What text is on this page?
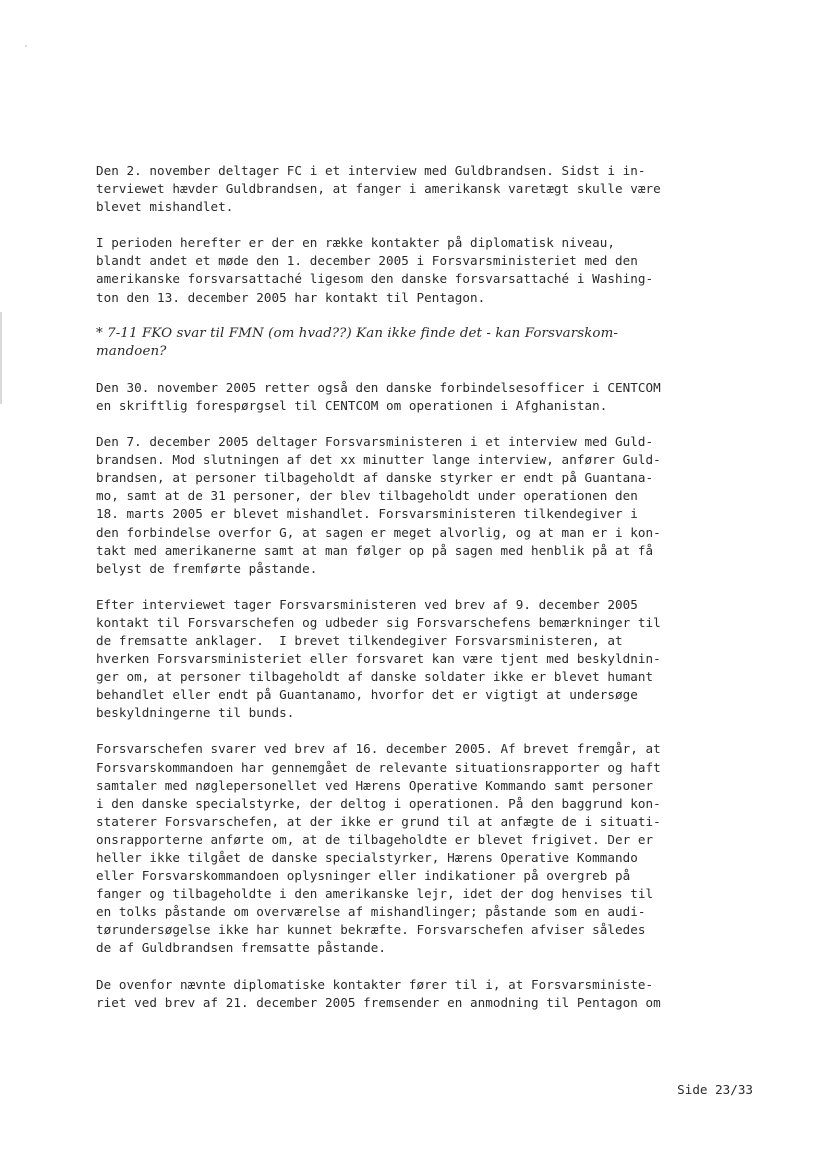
Den 2. november deltager FC i et interview med Guldbrandsen. Sidst i in-
terviewet hævder Guldbrandsen, at fanger i amerikansk varetægt skulle være
blevet mishandlet.

I perioden herefter er der en række kontakter på diplomatisk niveau,
blandt andet et møde den 1. december 2005 i Forsvarsministeriet med den
amerikanske forsvarsattaché ligesom den danske forsvarsattaché i Washing-
ton den 13. december 2005 har kontakt til Pentagon.

* 7-11 FKO svar til FMN (om hvad??) Kan ikke finde det - kan Forsvarskom-
mandoen?

Den 30. november 2005 retter også den danske forbindelsesofficer i CENTCOM
en skriftlig forespørgsel til CENTCOM om operationen i Afghanistan.

Den 7. december 2005 deltager Forsvarsministeren i et interview med Guld-
brandsen. Mod slutningen af det xx minutter lange interview, anfører Guld-
brandsen, at personer tilbageholdt af danske styrker er endt på Guantana-
mo, samt at de 31 personer, der blev tilbageholdt under operationen den
18. marts 2005 er blevet mishandlet. Forsvarsministeren tilkendegiver i
den forbindelse overfor G, at sagen er meget alvorlig, og at man er i kon-
takt med amerikanerne samt at man følger op på sagen med henblik på at få
belyst de fremførte påstande.

Efter interviewet tager Forsvarsministeren ved brev af 9. december 2005
kontakt til Forsvarschefen og udbeder sig Forsvarschefens bemærkninger til
de fremsatte anklager.  I brevet tilkendegiver Forsvarsministeren, at
hverken Forsvarsministeriet eller forsvaret kan være tjent med beskyldnin-
ger om, at personer tilbageholdt af danske soldater ikke er blevet humant
behandlet eller endt på Guantanamo, hvorfor det er vigtigt at undersøge
beskyldningerne til bunds.

Forsvarschefen svarer ved brev af 16. december 2005. Af brevet fremgår, at
Forsvarskommandoen har gennemgået de relevante situationsrapporter og haft
samtaler med nøglepersonellet ved Hærens Operative Kommando samt personer
i den danske specialstyrke, der deltog i operationen. På den baggrund kon-
staterer Forsvarschefen, at der ikke er grund til at anfægte de i situati-
onsrapporterne anførte om, at de tilbageholdte er blevet frigivet. Der er
heller ikke tilgået de danske specialstyrker, Hærens Operative Kommando
eller Forsvarskommandoen oplysninger eller indikationer på overgreb på
fanger og tilbageholdte i den amerikanske lejr, idet der dog henvises til
en tolks påstande om overværelse af mishandlinger; påstande som en audi-
tørundersøgelse ikke har kunnet bekræfte. Forsvarschefen afviser således
de af Guldbrandsen fremsatte påstande.

De ovenfor nævnte diplomatiske kontakter fører til i, at Forsvarsministe-
riet ved brev af 21. december 2005 fremsender en anmodning til Pentagon om

Side 23/33
